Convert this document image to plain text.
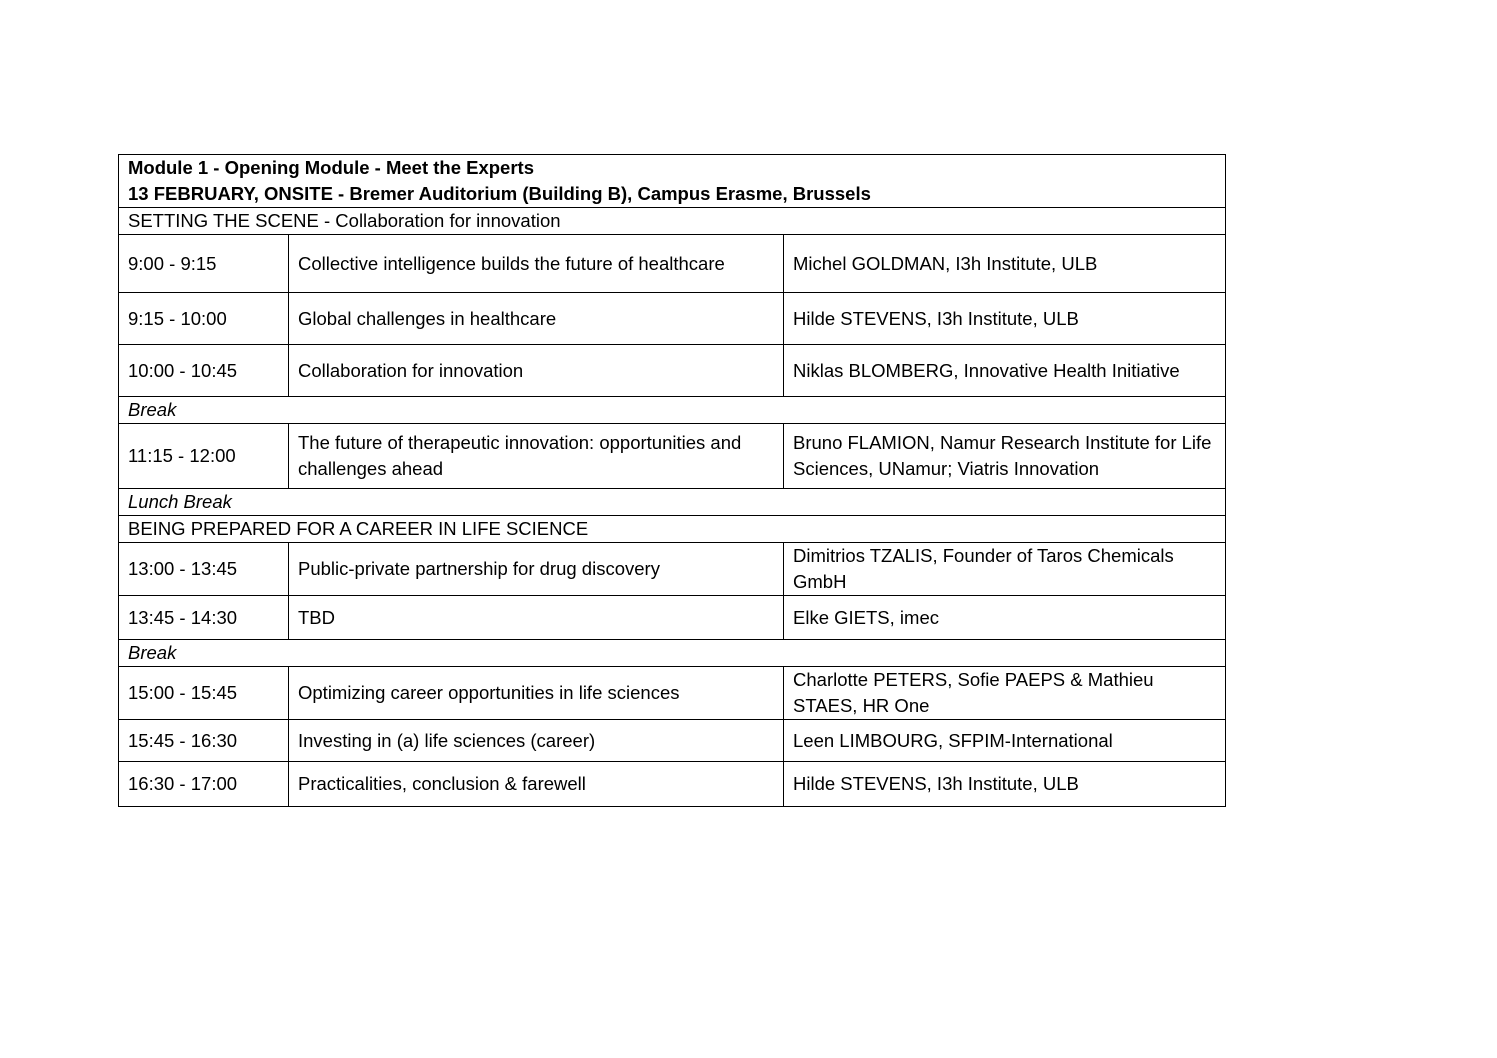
Module 1 - Opening Module - Meet the Experts
13 FEBRUARY, ONSITE - Bremer Auditorium (Building B), Campus Erasme, Brussels		

SETTING THE SCENE - Collaboration for innovation		
9:00 - 9:15	Collective intelligence builds the future of healthcare	Michel GOLDMAN, I3h Institute, ULB
9:15 - 10:00	Global challenges in healthcare	Hilde STEVENS, I3h Institute, ULB
10:00 - 10:45	Collaboration for innovation	Niklas BLOMBERG, Innovative Health Initiative
Break		
11:15 - 12:00	The future of therapeutic innovation: opportunities and challenges ahead	Bruno FLAMION, Namur Research Institute for Life Sciences, UNamur; Viatris Innovation
Lunch Break		
BEING PREPARED FOR A CAREER IN LIFE SCIENCE		
13:00 - 13:45	Public-private partnership for drug discovery	Dimitrios TZALIS, Founder of Taros Chemicals GmbH
13:45 - 14:30	TBD	Elke GIETS, imec
Break		
15:00 - 15:45	Optimizing career opportunities in life sciences	Charlotte PETERS, Sofie PAEPS & Mathieu STAES, HR One
15:45 - 16:30	Investing in (a) life sciences (career)	Leen LIMBOURG, SFPIM-International
16:30 - 17:00	Practicalities, conclusion & farewell	Hilde STEVENS, I3h Institute, ULB
